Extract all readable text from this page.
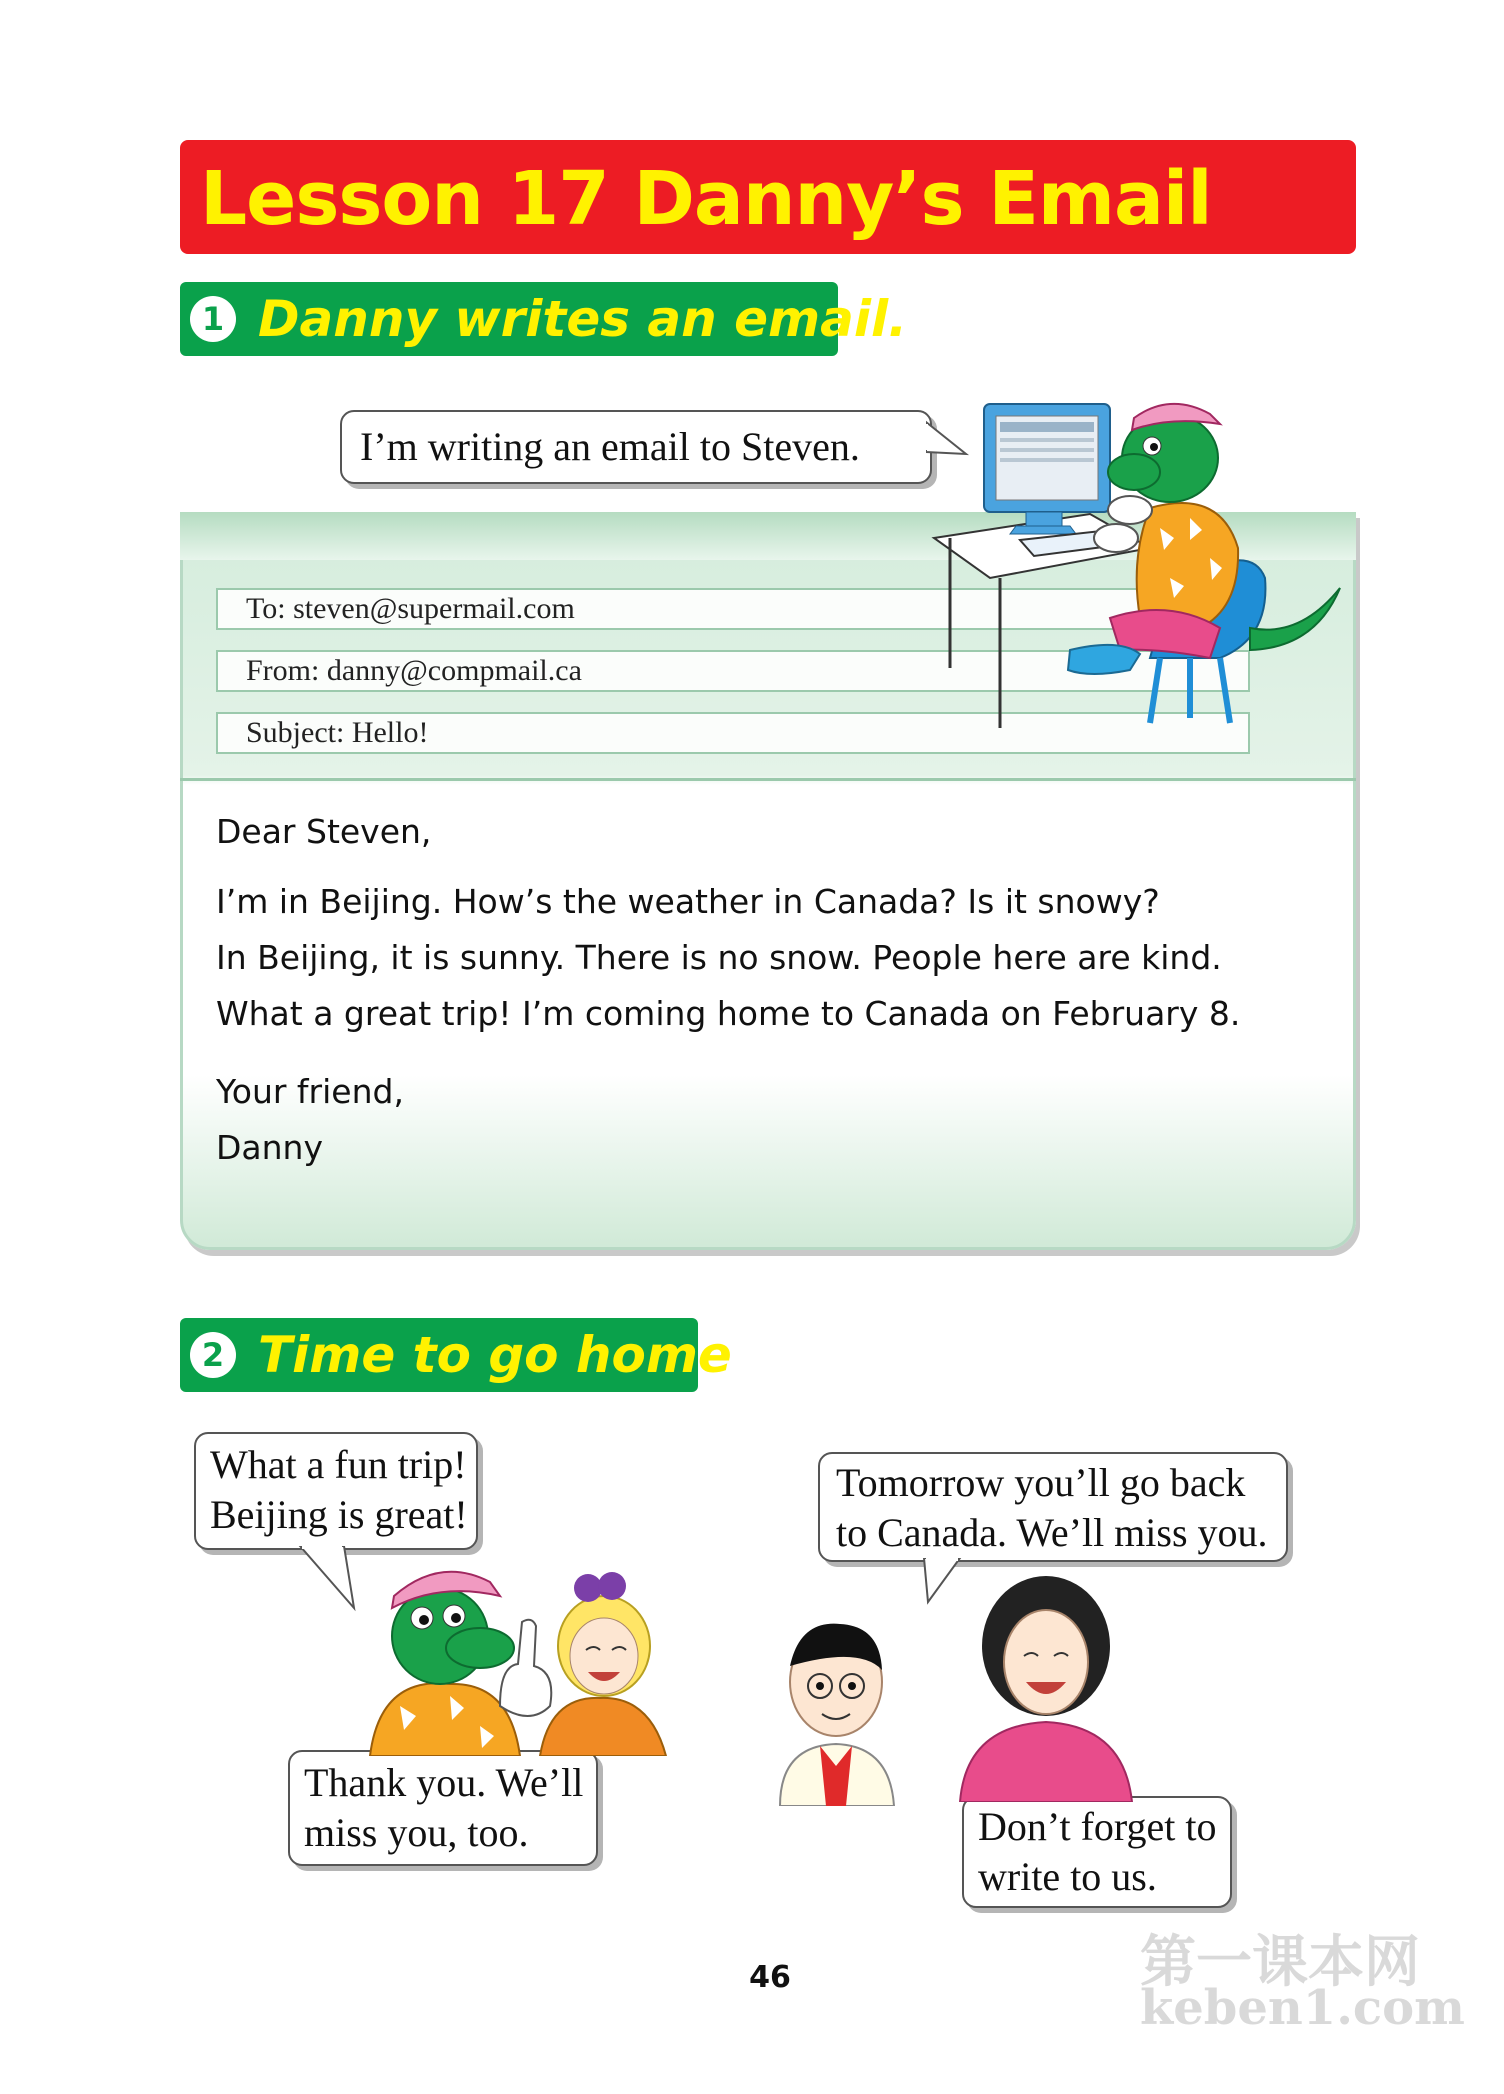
Lesson 17 Danny’s Email
1 Danny writes an email.
I’m writing an email to Steven.
To: steven@supermail.com
From: danny@compmail.ca
Subject: Hello!
Dear Steven,
I’m in Beijing. How’s the weather in Canada? Is it snowy?
In Beijing, it is sunny. There is no snow. People here are kind.
What a great trip! I’m coming home to Canada on February 8.
Your friend,
Danny
2 Time to go home
What a fun trip!
Beijing is great!
Tomorrow you’ll go back
to Canada. We’ll miss you.
Thank you. We’ll
miss you, too.	Don’t forget to
write to us.
46	第一课本网
keben1.com
